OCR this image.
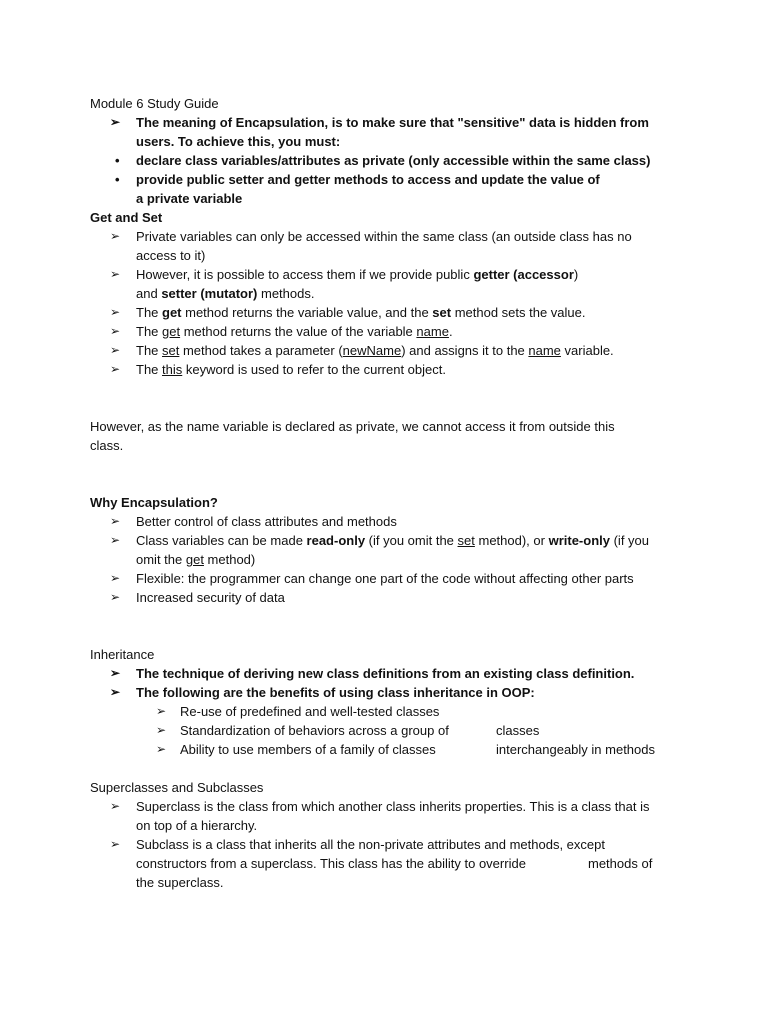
Module 6 Study Guide
➢ The meaning of Encapsulation, is to make sure that "sensitive" data is hidden from
users. To achieve this, you must:
• declare class variables/attributes as private (only accessible within the same class)
• provide public setter and getter methods to access and update the value of
a private variable
Get and Set
➢ Private variables can only be accessed within the same class (an outside class has no
access to it)
➢ However, it is possible to access them if we provide public getter (accessor)
and setter (mutator) methods.
➢ The get method returns the variable value, and the set method sets the value.
➢ The get method returns the value of the variable name.
➢ The set method takes a parameter (newName) and assigns it to the name variable.
➢ The this keyword is used to refer to the current object.
However, as the name variable is declared as private, we cannot access it from outside this
class.
Why Encapsulation?
➢ Better control of class attributes and methods
➢ Class variables can be made read-only (if you omit the set method), or write-only (if you
omit the get method)
➢ Flexible: the programmer can change one part of the code without affecting other parts
➢ Increased security of data
Inheritance
➢ The technique of deriving new class definitions from an existing class definition.
➢ The following are the benefits of using class inheritance in OOP:
➢ Re-use of predefined and well-tested classes
➢ Standardization of behaviors across a group of	classes
➢ Ability to use members of a family of classes	interchangeably in methods
Superclasses and Subclasses
➢ Superclass is the class from which another class inherits properties. This is a class that is
on top of a hierarchy.
➢ Subclass is a class that inherits all the non-private attributes and methods, except
constructors from a superclass. This class has the ability to override	methods of
the superclass.
